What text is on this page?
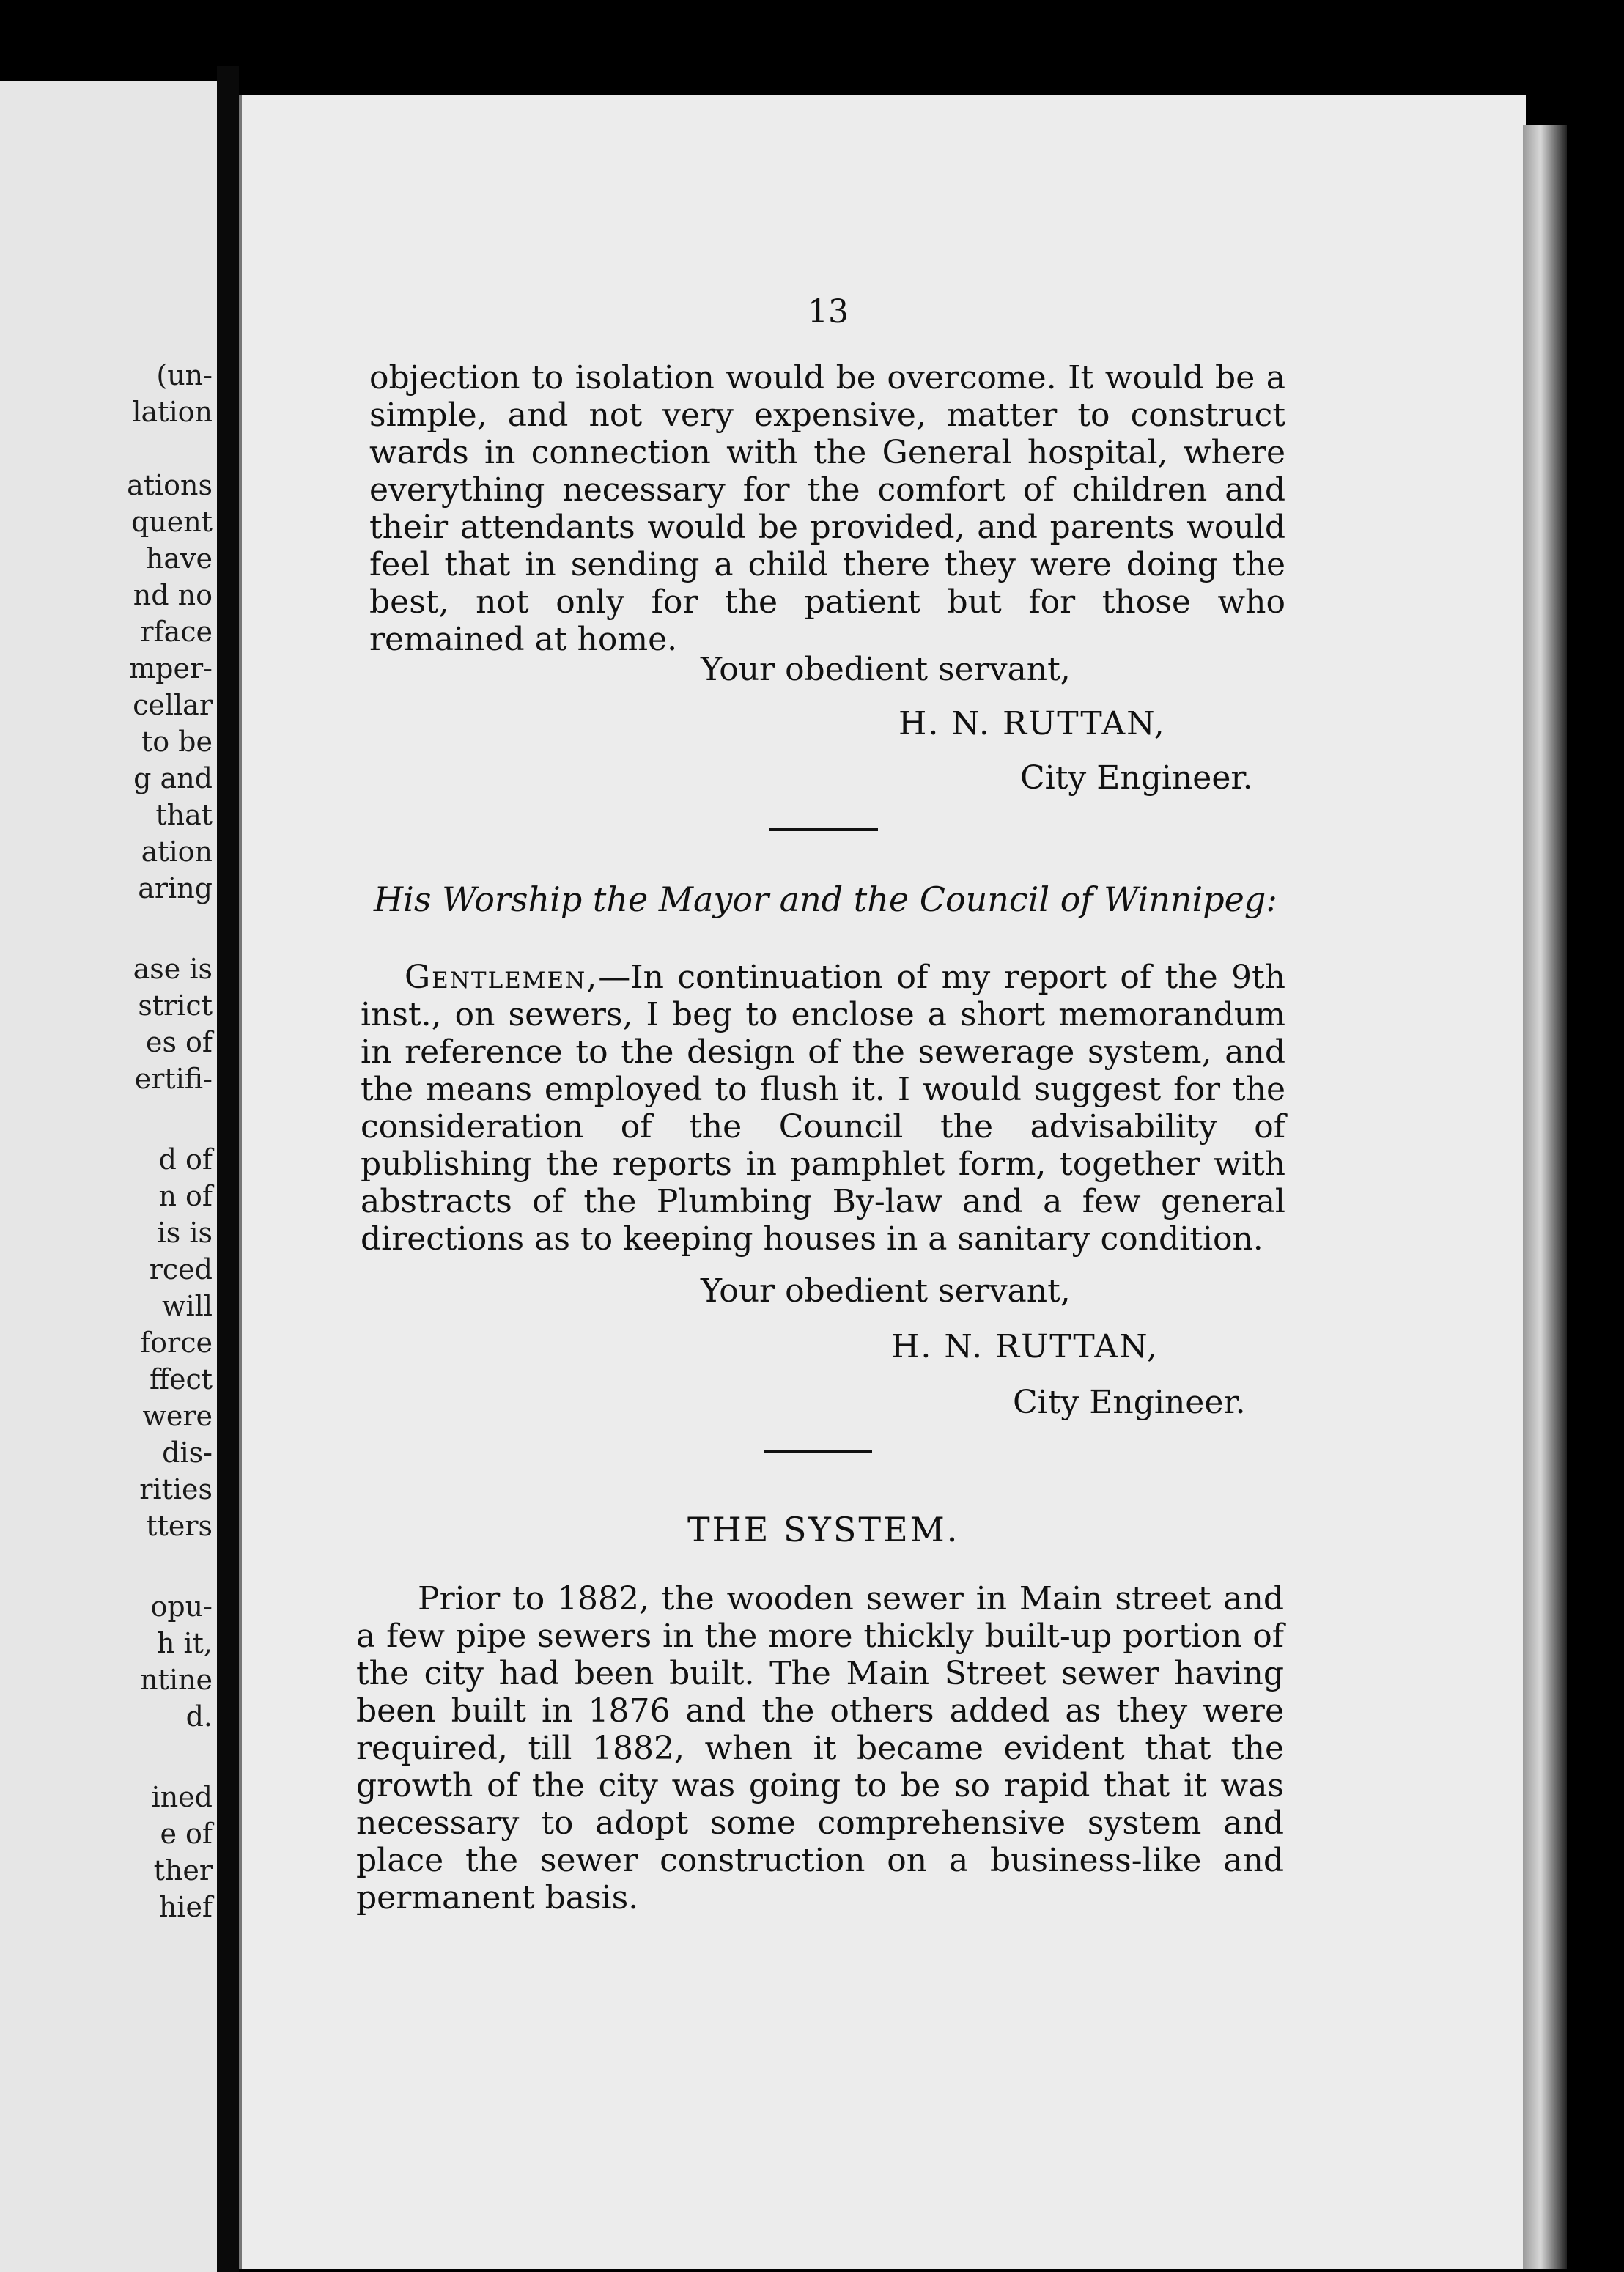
(un-
lation
ations
quent
have
nd no
rface
mper-
cellar
to be
g and
that
ation
aring
ase is
strict
es of
ertifi-
d of
n of
is is
rced
will
force
ffect
were
dis-
rities
tters
opu-
h it,
ntine
d.
ined
e of
ther
hief
13

objection to isolation would be overcome. It would be a simple, and not very expensive, matter to construct wards in connection with the General hospital, where everything necessary for the comfort of children and their attendants would be provided, and parents would feel that in sending a child there they were doing the best, not only for the patient but for those who remained at home.

Your obedient servant,
H. N. RUTTAN,
City Engineer.
His Worship the Mayor and the Council of Winnipeg:

Gentlemen,—In continuation of my report of the 9th inst., on sewers, I beg to enclose a short memorandum in reference to the design of the sewerage system, and the means employed to flush it. I would suggest for the consideration of the Council the advisability of publishing the reports in pamphlet form, together with abstracts of the Plumbing By-law and a few general directions as to keeping houses in a sanitary condition.

Your obedient servant,
H. N. RUTTAN,
City Engineer.
THE SYSTEM.

Prior to 1882, the wooden sewer in Main street and a few pipe sewers in the more thickly built-up portion of the city had been built. The Main Street sewer having been built in 1876 and the others added as they were required, till 1882, when it became evident that the growth of the city was going to be so rapid that it was necessary to adopt some comprehensive system and place the sewer construction on a business-like and permanent basis.
